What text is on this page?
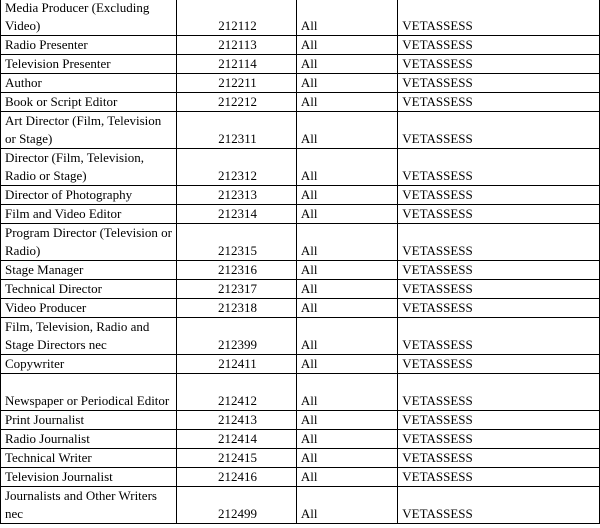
Media Producer (Excluding Video)	212112	All	VETASSESS
Radio Presenter	212113	All	VETASSESS
Television Presenter	212114	All	VETASSESS
Author	212211	All	VETASSESS
Book or Script Editor	212212	All	VETASSESS
Art Director (Film, Television or Stage)	212311	All	VETASSESS
Director (Film, Television, Radio or Stage)	212312	All	VETASSESS
Director of Photography	212313	All	VETASSESS
Film and Video Editor	212314	All	VETASSESS
Program Director (Television or Radio)	212315	All	VETASSESS
Stage Manager	212316	All	VETASSESS
Technical Director	212317	All	VETASSESS
Video Producer	212318	All	VETASSESS
Film, Television, Radio and Stage Directors nec	212399	All	VETASSESS
Copywriter	212411	All	VETASSESS
Newspaper or Periodical Editor	212412	All	VETASSESS
Print Journalist	212413	All	VETASSESS
Radio Journalist	212414	All	VETASSESS
Technical Writer	212415	All	VETASSESS
Television Journalist	212416	All	VETASSESS
Journalists and Other Writers nec	212499	All	VETASSESS
